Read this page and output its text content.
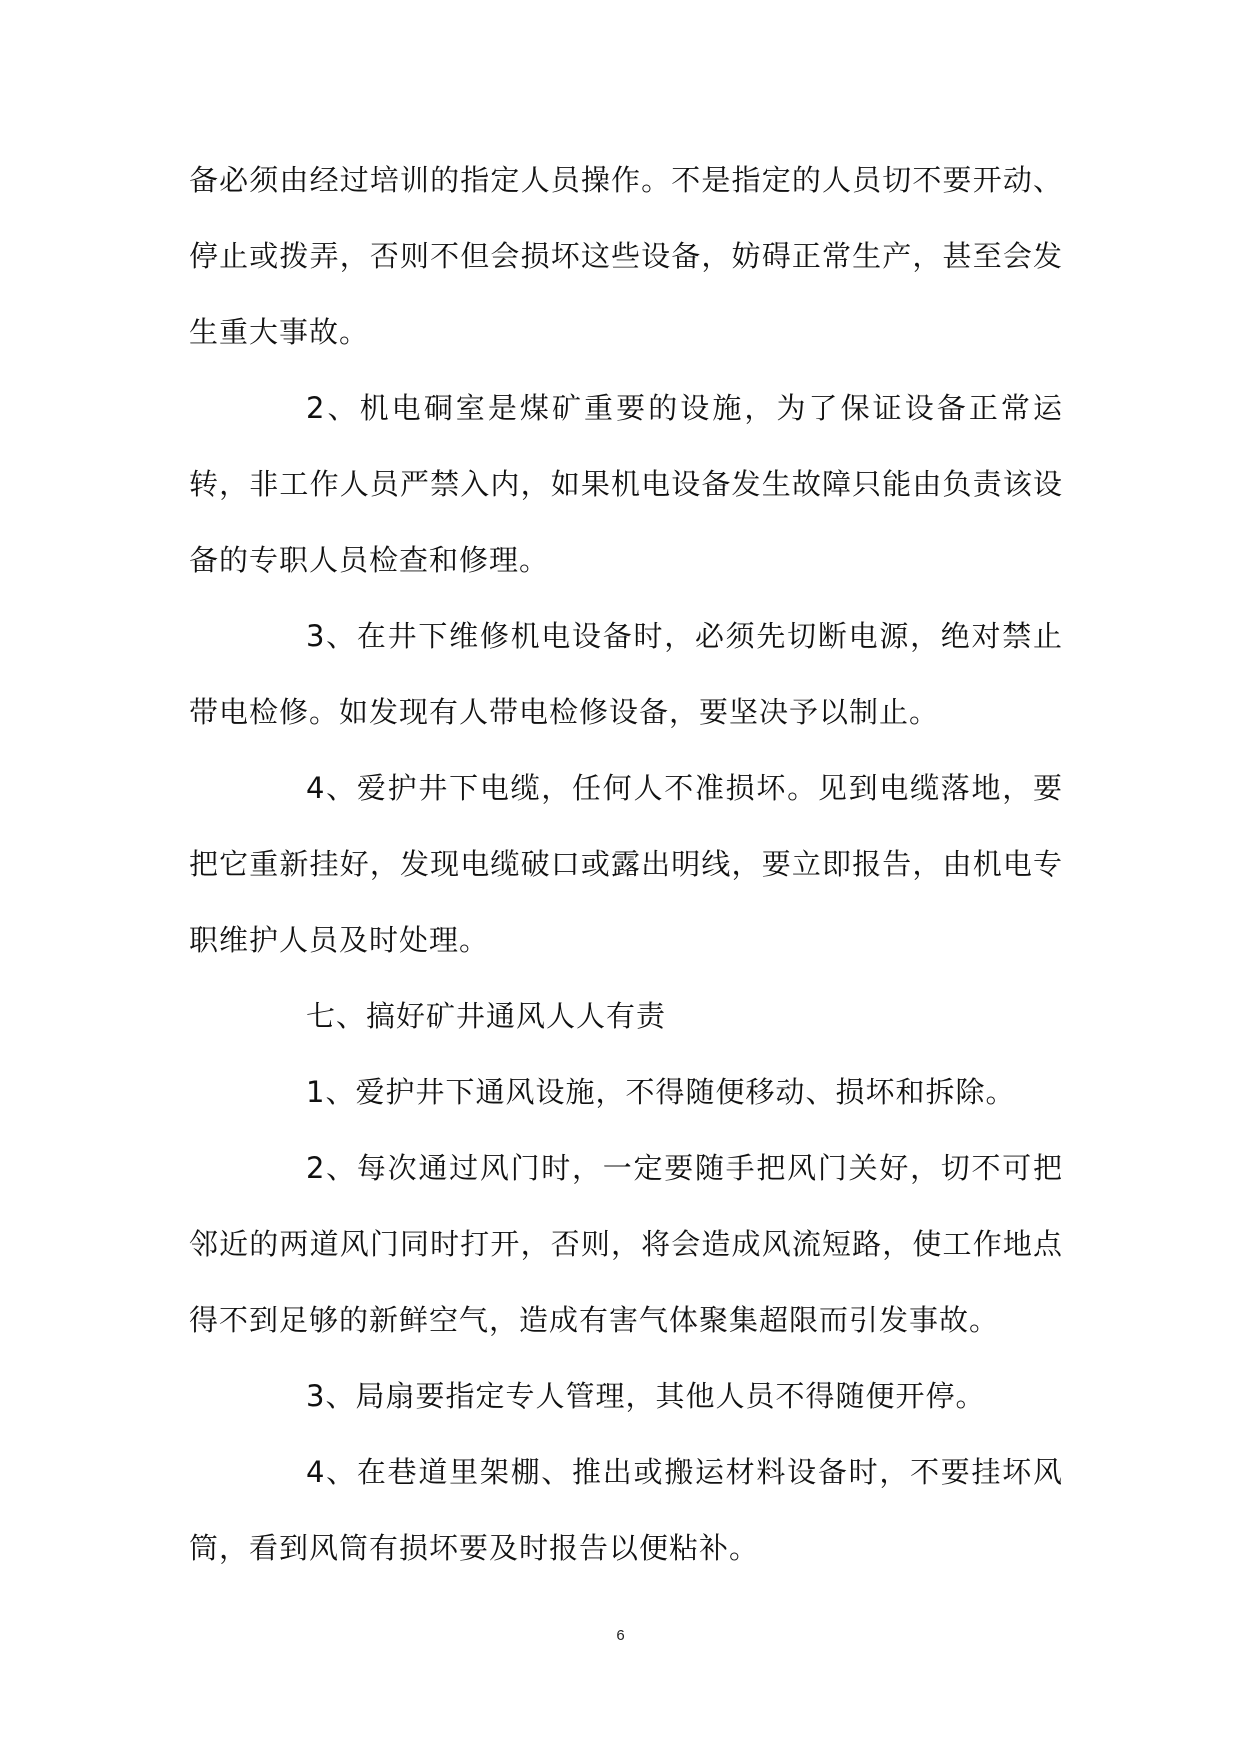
备必须由经过培训的指定人员操作。不是指定的人员切不要开动、停止或拨弄，否则不但会损坏这些设备，妨碍正常生产，甚至会发生重大事故。

2、机电硐室是煤矿重要的设施，为了保证设备正常运转，非工作人员严禁入内，如果机电设备发生故障只能由负责该设备的专职人员检查和修理。

3、在井下维修机电设备时，必须先切断电源，绝对禁止带电检修。如发现有人带电检修设备，要坚决予以制止。

4、爱护井下电缆，任何人不准损坏。见到电缆落地，要把它重新挂好，发现电缆破口或露出明线，要立即报告，由机电专职维护人员及时处理。

七、搞好矿井通风人人有责

1、爱护井下通风设施，不得随便移动、损坏和拆除。

2、每次通过风门时，一定要随手把风门关好，切不可把邻近的两道风门同时打开，否则，将会造成风流短路，使工作地点得不到足够的新鲜空气，造成有害气体聚集超限而引发事故。

3、局扇要指定专人管理，其他人员不得随便开停。

4、在巷道里架棚、推出或搬运材料设备时，不要挂坏风筒，看到风筒有损坏要及时报告以便粘补。

6
